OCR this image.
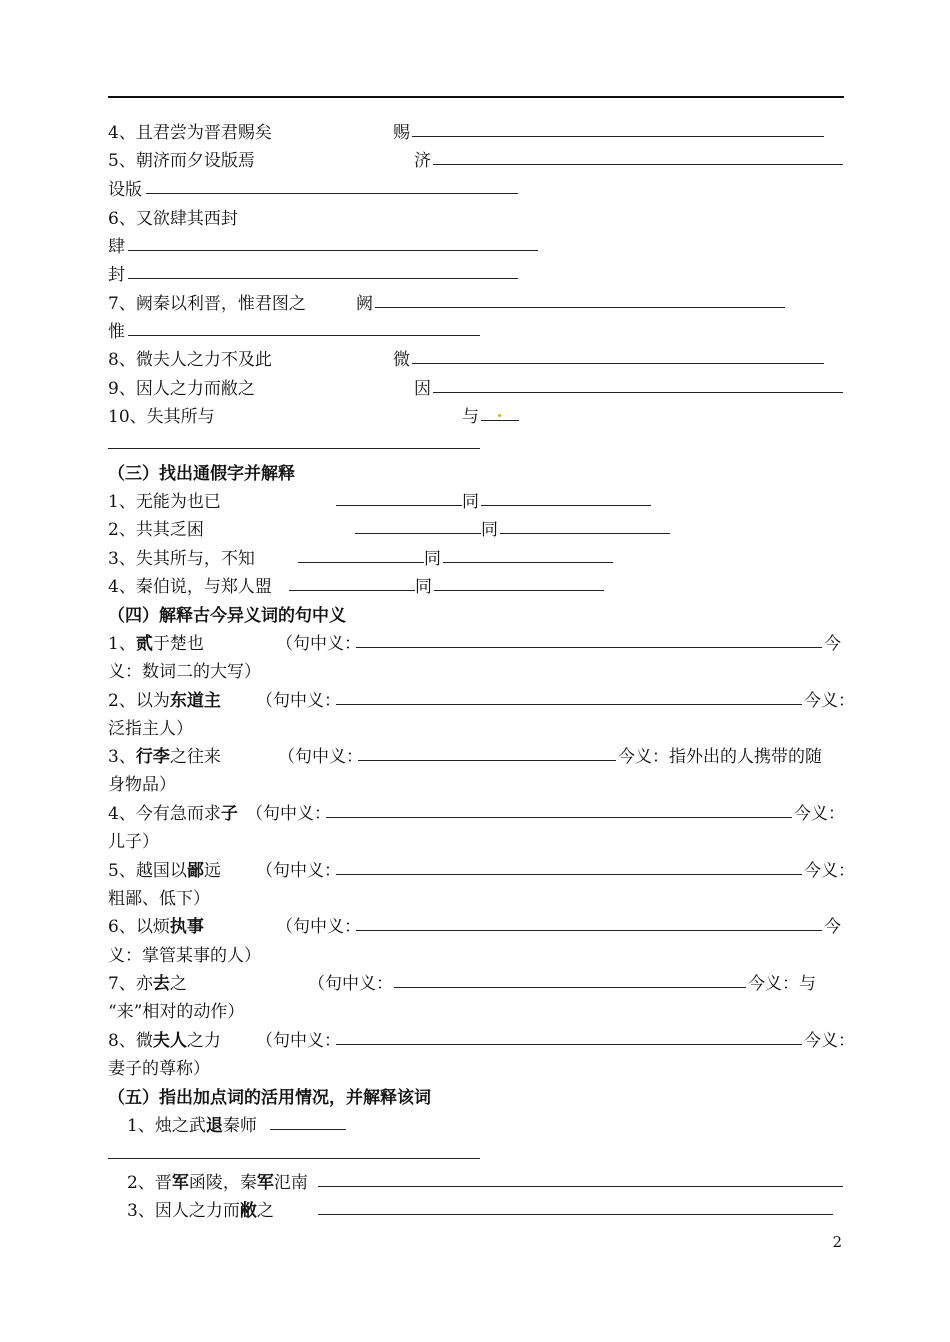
4、且君尝为晋君赐矣	赐
5、朝济而夕设版焉	济
设版
6、又欲肆其西封
肆
封
7、阙秦以利晋，惟君图之	阙
惟
8、微夫人之力不及此	微
9、因人之力而敝之	因
10、失其所与	与
（三）找出通假字并解释
1、无能为也已	同
2、共其乏困	同
3、失其所与，不知	同
4、秦伯说，与郑人盟	同
（四）解释古今异义词的句中义
1、贰于楚也	（句中义：	今
义：数词二的大写）
2、以为东道主 （句中义：	今义：
泛指主人）
3、行李之往来	（句中义：	今义：指外出的人携带的随
身物品）
4、今有急而求子 （句中义：	今义：
儿子）
5、越国以鄙远 （句中义：	今义：
粗鄙、低下）
6、以烦执事	（句中义：	今
义：掌管某事的人）
7、亦去之	（句中义：	今义：与
“来”相对的动作）
8、微夫人之力 （句中义：	今义：
妻子的尊称）
（五）指出加点词的活用情况，并解释该词
1、烛之武退秦师
2、晋军函陵，秦军氾南
3、因人之力而敝之
2
